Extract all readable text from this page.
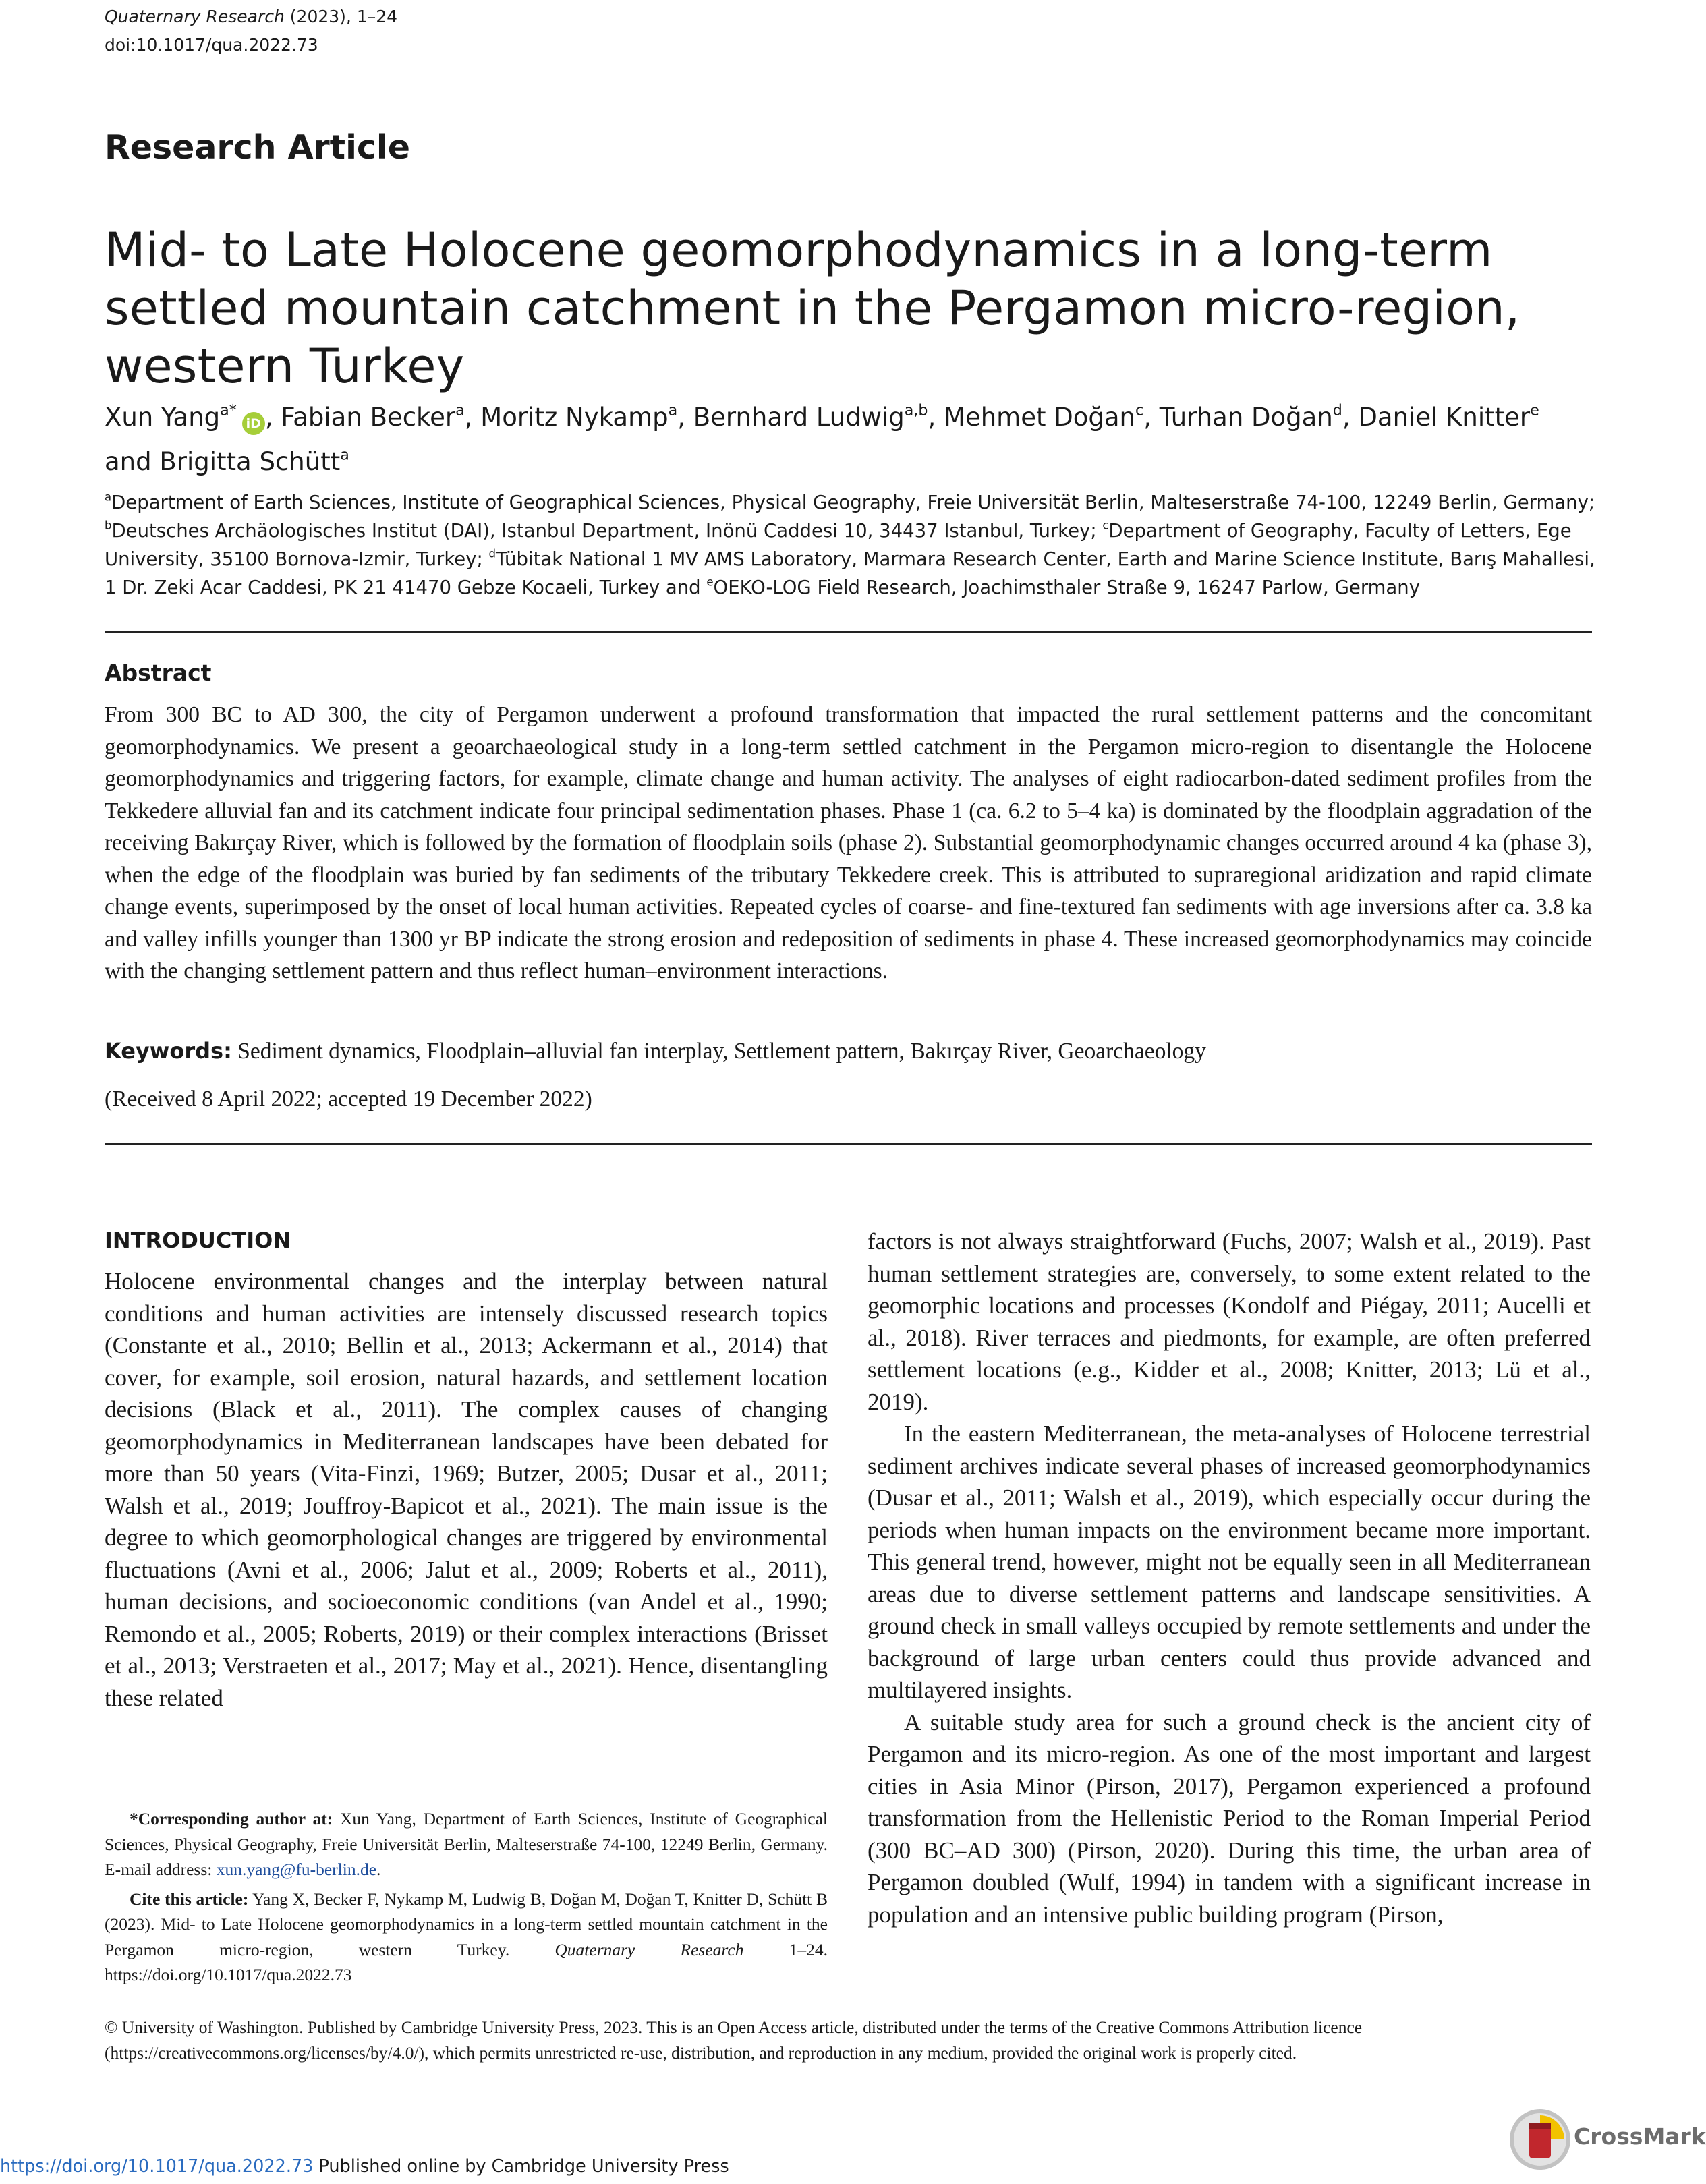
Quaternary Research (2023), 1–24
doi:10.1017/qua.2022.73
Research Article
Mid- to Late Holocene geomorphodynamics in a long-term settled mountain catchment in the Pergamon micro-region, western Turkey
Xun Yang$^{a*}$iD , Fabian Becker$^a$, Moritz Nykamp$^a$, Bernhard Ludwig$^{a,b}$, Mehmet Doğan$^c$, Turhan Doğan$^d$, Daniel Knitter$^e$
and Brigitta Schütt$^a$
$^a$Department of Earth Sciences, Institute of Geographical Sciences, Physical Geography, Freie Universität Berlin, Malteserstraße 74-100, 12249 Berlin, Germany;
$^b$Deutsches Archäologisches Institut (DAI), Istanbul Department, Inönü Caddesi 10, 34437 Istanbul, Turkey; $^c$Department of Geography, Faculty of Letters, Ege University, 35100 Bornova-Izmir, Turkey; $^d$Tübitak National 1 MV AMS Laboratory, Marmara Research Center, Earth and Marine Science Institute, Barış Mahallesi, 1 Dr. Zeki Acar Caddesi, PK 21 41470 Gebze Kocaeli, Turkey and $^e$OEKO-LOG Field Research, Joachimsthaler Straße 9, 16247 Parlow, Germany
Abstract
From 300 BC to AD 300, the city of Pergamon underwent a profound transformation that impacted the rural settlement patterns and the concomitant geomorphodynamics. We present a geoarchaeological study in a long-term settled catchment in the Pergamon micro-region to disentangle the Holocene geomorphodynamics and triggering factors, for example, climate change and human activity. The analyses of eight radiocarbon-dated sediment profiles from the Tekkedere alluvial fan and its catchment indicate four principal sedimentation phases. Phase 1 (ca. 6.2 to 5–4 ka) is dominated by the floodplain aggradation of the receiving Bakırçay River, which is followed by the formation of floodplain soils (phase 2). Substantial geomorphodynamic changes occurred around 4 ka (phase 3), when the edge of the floodplain was buried by fan sediments of the tributary Tekkedere creek. This is attributed to supraregional aridization and rapid climate change events, superimposed by the onset of local human activities. Repeated cycles of coarse- and fine-textured fan sediments with age inversions after ca. 3.8 ka and valley infills younger than 1300 yr BP indicate the strong erosion and redeposition of sediments in phase 4. These increased geomorphodynamics may coincide with the changing settlement pattern and thus reflect human–environment interactions.
Keywords: Sediment dynamics, Floodplain–alluvial fan interplay, Settlement pattern, Bakırçay River, Geoarchaeology
(Received 8 April 2022; accepted 19 December 2022)
INTRODUCTION

Holocene environmental changes and the interplay between natural conditions and human activities are intensely discussed research topics (Constante et al., 2010; Bellin et al., 2013; Ackermann et al., 2014) that cover, for example, soil erosion, natural hazards, and settlement location decisions (Black et al., 2011). The complex causes of changing geomorphodynamics in Mediterranean landscapes have been debated for more than 50 years (Vita-Finzi, 1969; Butzer, 2005; Dusar et al., 2011; Walsh et al., 2019; Jouffroy-Bapicot et al., 2021). The main issue is the degree to which geomorphological changes are triggered by environmental fluctuations (Avni et al., 2006; Jalut et al., 2009; Roberts et al., 2011), human decisions, and socioeconomic conditions (van Andel et al., 1990; Remondo et al., 2005; Roberts, 2019) or their complex interactions (Brisset et al., 2013; Verstraeten et al., 2017; May et al., 2021). Hence, disentangling these related

factors is not always straightforward (Fuchs, 2007; Walsh et al., 2019). Past human settlement strategies are, conversely, to some extent related to the geomorphic locations and processes (Kondolf and Piégay, 2011; Aucelli et al., 2018). River terraces and piedmonts, for example, are often preferred settlement locations (e.g., Kidder et al., 2008; Knitter, 2013; Lü et al., 2019).

In the eastern Mediterranean, the meta-analyses of Holocene terrestrial sediment archives indicate several phases of increased geomorphodynamics (Dusar et al., 2011; Walsh et al., 2019), which especially occur during the periods when human impacts on the environment became more important. This general trend, however, might not be equally seen in all Mediterranean areas due to diverse settlement patterns and landscape sensitivities. A ground check in small valleys occupied by remote settlements and under the background of large urban centers could thus provide advanced and multilayered insights.

A suitable study area for such a ground check is the ancient city of Pergamon and its micro-region. As one of the most important and largest cities in Asia Minor (Pirson, 2017), Pergamon experienced a profound transformation from the Hellenistic Period to the Roman Imperial Period (300 BC–AD 300) (Pirson, 2020). During this time, the urban area of Pergamon doubled (Wulf, 1994) in tandem with a significant increase in population and an intensive public building program (Pirson,

*Corresponding author at: Xun Yang, Department of Earth Sciences, Institute of Geographical Sciences, Physical Geography, Freie Universität Berlin, Malteserstraße 74-100, 12249 Berlin, Germany. E-mail address: xun.yang@fu-berlin.de.

Cite this article: Yang X, Becker F, Nykamp M, Ludwig B, Doğan M, Doğan T, Knitter D, Schütt B (2023). Mid- to Late Holocene geomorphodynamics in a long-term settled mountain catchment in the Pergamon micro-region, western Turkey.	Quaternary Research	1–24. https://doi.org/10.1017/qua.2022.73

© University of Washington. Published by Cambridge University Press, 2023. This is an Open Access article, distributed under the terms of the Creative Commons Attribution licence (https://creativecommons.org/licenses/by/4.0/), which permits unrestricted re-use, distribution, and reproduction in any medium, provided the original work is properly cited.
https://doi.org/10.1017/qua.2022.73 Published online by Cambridge University Press
CrossMark
